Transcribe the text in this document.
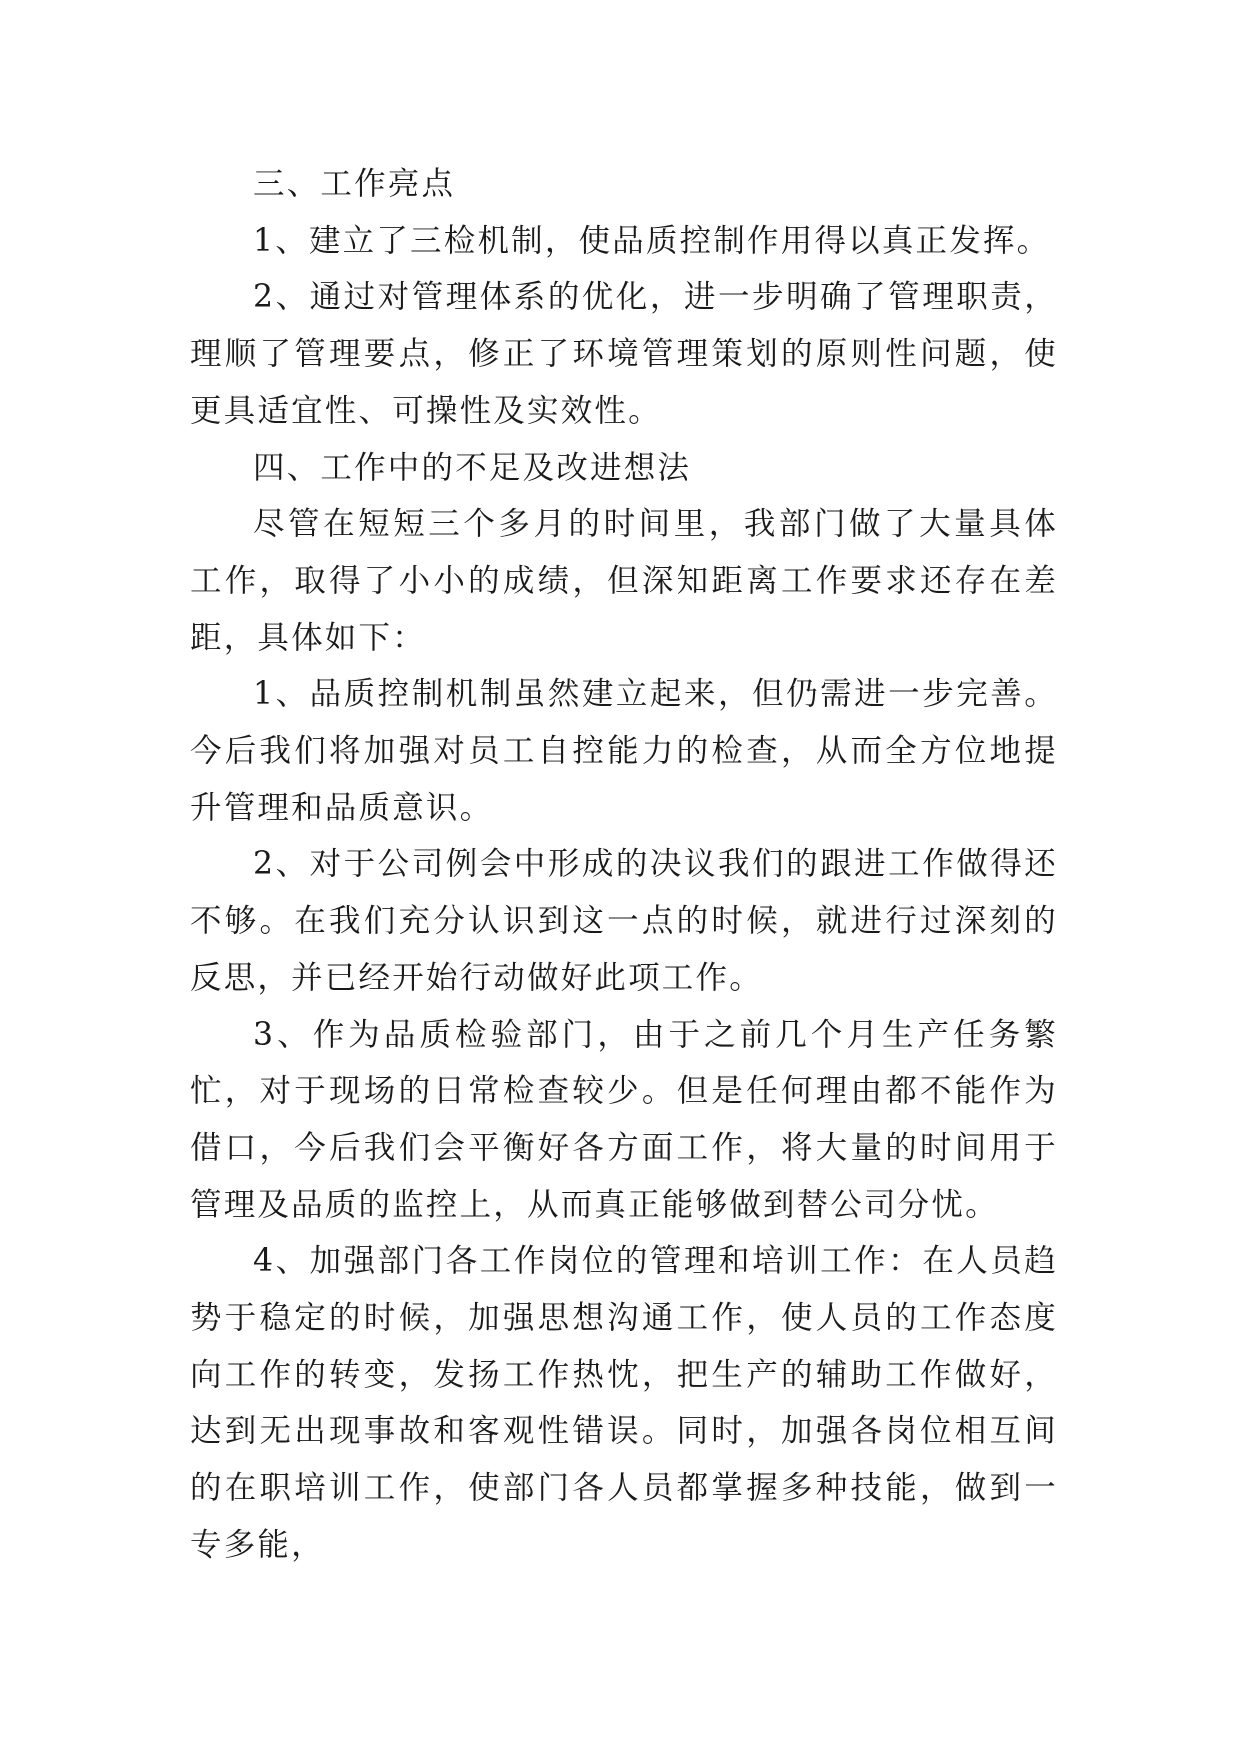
三、工作亮点

1、建立了三检机制，使品质控制作用得以真正发挥。

2、通过对管理体系的优化，进一步明确了管理职责，理顺了管理要点，修正了环境管理策划的原则性问题，使更具适宜性、可操性及实效性。

四、工作中的不足及改进想法

尽管在短短三个多月的时间里，我部门做了大量具体工作，取得了小小的成绩，但深知距离工作要求还存在差距，具体如下：

1、品质控制机制虽然建立起来，但仍需进一步完善。今后我们将加强对员工自控能力的检查，从而全方位地提升管理和品质意识。

2、对于公司例会中形成的决议我们的跟进工作做得还不够。在我们充分认识到这一点的时候，就进行过深刻的反思，并已经开始行动做好此项工作。

3、作为品质检验部门，由于之前几个月生产任务繁忙，对于现场的日常检查较少。但是任何理由都不能作为借口，今后我们会平衡好各方面工作，将大量的时间用于管理及品质的监控上，从而真正能够做到替公司分忧。

4、加强部门各工作岗位的管理和培训工作：在人员趋势于稳定的时候，加强思想沟通工作，使人员的工作态度向工作的转变，发扬工作热忱，把生产的辅助工作做好，达到无出现事故和客观性错误。同时，加强各岗位相互间的在职培训工作，使部门各人员都掌握多种技能，做到一专多能，
